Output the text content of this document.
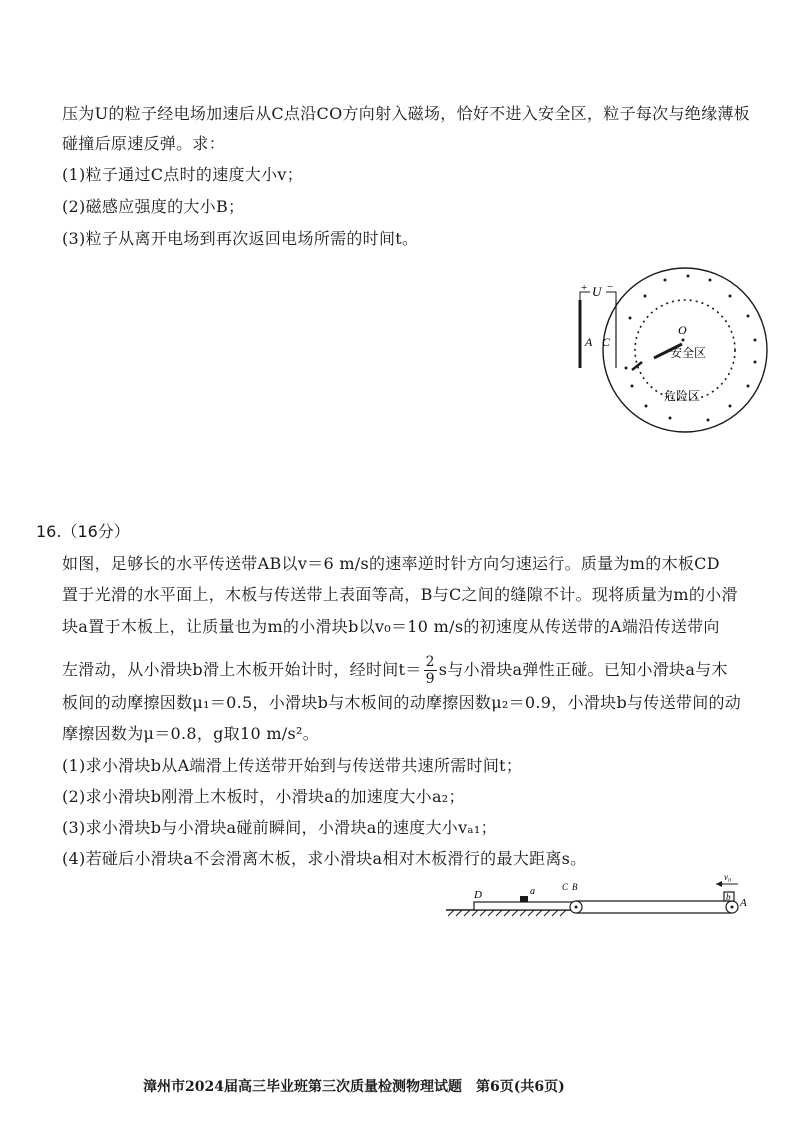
压为U的粒子经电场加速后从C点沿CO方向射入磁场，恰好不进入安全区，粒子每次与绝缘薄板
碰撞后原速反弹。求：
(1)粒子通过C点时的速度大小v；
(2)磁感应强度的大小B；
(3)粒子从离开电场到再次返回电场所需的时间t。
+ U −
A C
O
安全区
危险区
16.（16分）
如图，足够长的水平传送带AB以v＝6 m/s的速率逆时针方向匀速运行。质量为m的木板CD
置于光滑的水平面上，木板与传送带上表面等高，B与C之间的缝隙不计。现将质量为m的小滑
块a置于木板上，让质量也为m的小滑块b以v₀＝10 m/s的初速度从传送带的A端沿传送带向
左滑动，从小滑块b滑上木板开始计时，经时间$t= \frac{2}{9}$ s与小滑块a弹性正碰。已知小滑块a与木
板间的动摩擦因数μ₁＝0.5，小滑块b与木板间的动摩擦因数μ₂＝0.9，小滑块b与传送带间的动
摩擦因数为μ＝0.8，g取10 m/s²。
(1)求小滑块b从A端滑上传送带开始到与传送带共速所需时间t；
(2)求小滑块b刚滑上木板时，小滑块a的加速度大小a₂；
(3)求小滑块b与小滑块a碰前瞬间，小滑块a的速度大小vₐ₁；
(4)若碰后小滑块a不会滑离木板，求小滑块a相对木板滑行的最大距离s。
D	a	C B
b A
v₀
漳州市2024届高三毕业班第三次质量检测物理试题　第6页(共6页)
